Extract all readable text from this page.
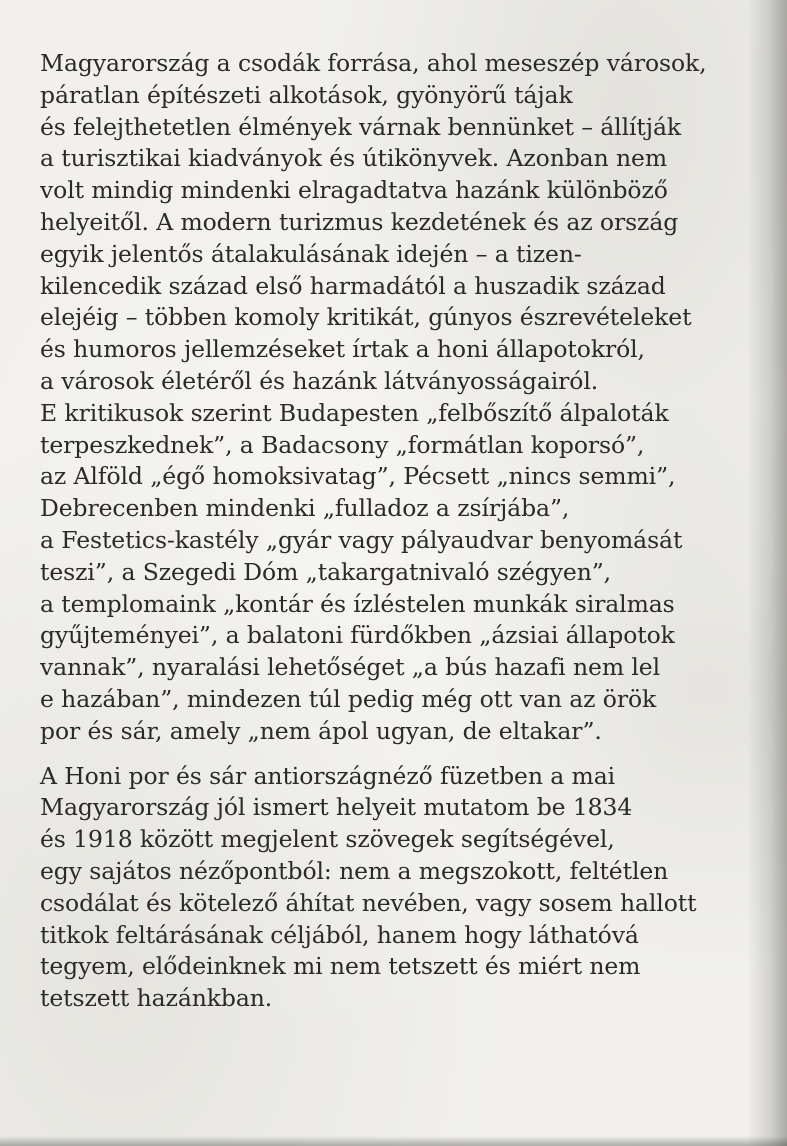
Magyarország a csodák forrása, ahol meseszép városok,
páratlan építészeti alkotások, gyönyörű tájak
és felejthetetlen élmények várnak bennünket – állítják
a turisztikai kiadványok és útikönyvek. Azonban nem
volt mindig mindenki elragadtatva hazánk különböző
helyeitől. A modern turizmus kezdetének és az ország
egyik jelentős átalakulásának idején – a tizen-
kilencedik század első harmadától a huszadik század
elejéig – többen komoly kritikát, gúnyos észrevételeket
és humoros jellemzéseket írtak a honi állapotokról,
a városok életéről és hazánk látványosságairól.
E kritikusok szerint Budapesten „felbőszítő álpaloták
terpeszkednek”, a Badacsony „formátlan koporsó”,
az Alföld „égő homoksivatag”, Pécsett „nincs semmi”,
Debrecenben mindenki „fulladoz a zsírjába”,
a Festetics-kastély „gyár vagy pályaudvar benyomását
teszi”, a Szegedi Dóm „takargatnivaló szégyen”,
a templomaink „kontár és ízléstelen munkák siralmas
gyűjteményei”, a balatoni fürdőkben „ázsiai állapotok
vannak”, nyaralási lehetőséget „a bús hazafi nem lel
e hazában”, mindezen túl pedig még ott van az örök
por és sár, amely „nem ápol ugyan, de eltakar”.

A Honi por és sár antiországnéző füzetben a mai
Magyarország jól ismert helyeit mutatom be 1834
és 1918 között megjelent szövegek segítségével,
egy sajátos nézőpontból: nem a megszokott, feltétlen
csodálat és kötelező áhítat nevében, vagy sosem hallott
titkok feltárásának céljából, hanem hogy láthatóvá
tegyem, elődeinknek mi nem tetszett és miért nem
tetszett hazánkban.
